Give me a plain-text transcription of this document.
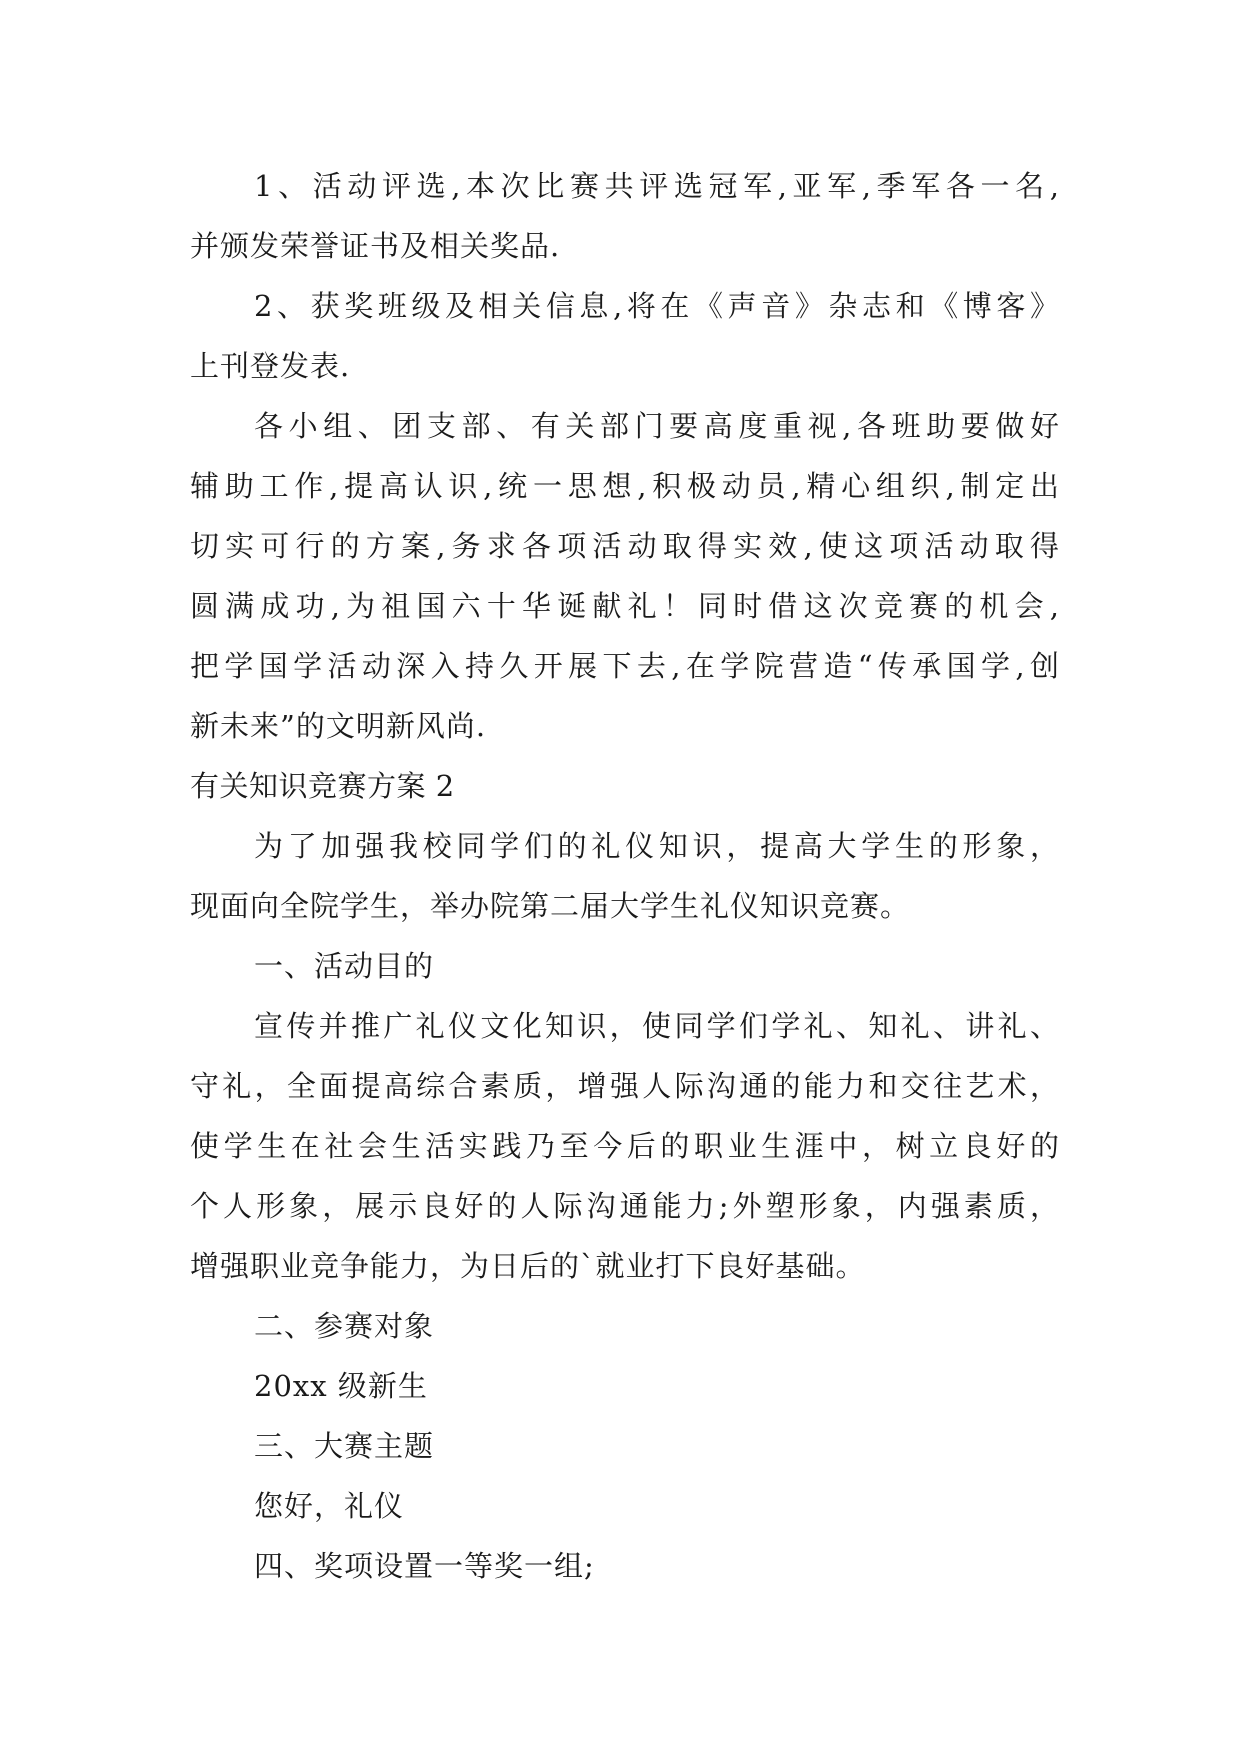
1、活动评选,本次比赛共评选冠军,亚军,季军各一名,
并颁发荣誉证书及相关奖品.
2、获奖班级及相关信息,将在《声音》杂志和《博客》
上刊登发表.
各小组、团支部、有关部门要高度重视,各班助要做好
辅助工作,提高认识,统一思想,积极动员,精心组织,制定出
切实可行的方案,务求各项活动取得实效,使这项活动取得
圆满成功,为祖国六十华诞献礼！同时借这次竞赛的机会,
把学国学活动深入持久开展下去,在学院营造“传承国学,创
新未来”的文明新风尚.
有关知识竞赛方案 2
为了加强我校同学们的礼仪知识，提高大学生的形象，
现面向全院学生，举办院第二届大学生礼仪知识竞赛。
一、活动目的
宣传并推广礼仪文化知识，使同学们学礼、知礼、讲礼、
守礼，全面提高综合素质，增强人际沟通的能力和交往艺术，
使学生在社会生活实践乃至今后的职业生涯中，树立良好的
个人形象，展示良好的人际沟通能力;外塑形象，内强素质，
增强职业竞争能力，为日后的`就业打下良好基础。
二、参赛对象
20xx 级新生
三、大赛主题
您好，礼仪
四、奖项设置一等奖一组;
